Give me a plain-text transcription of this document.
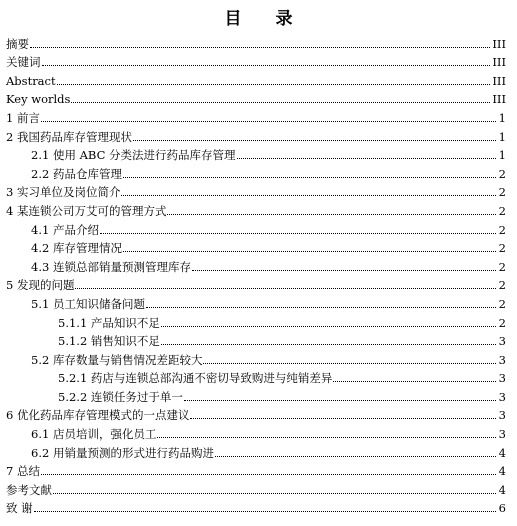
目 录
摘要	III
关键词	III
Abstract	III
Key worlds	III
1 前言	1
2 我国药品库存管理现状	1
2.1 使用 ABC 分类法进行药品库存管理	1
2.2 药品仓库管理	2
3 实习单位及岗位简介	2
4 某连锁公司万艾可的管理方式	2
4.1 产品介绍	2
4.2 库存管理情况	2
4.3 连锁总部销量预测管理库存	2
5 发现的问题	2
5.1 员工知识储备问题	2
5.1.1 产品知识不足	2
5.1.2 销售知识不足	3
5.2 库存数量与销售情况差距较大	3
5.2.1 药店与连锁总部沟通不密切导致购进与纯销差异	3
5.2.2 连锁任务过于单一	3
6 优化药品库存管理模式的一点建议	3
6.1 店员培训，强化员工	3
6.2 用销量预测的形式进行药品购进	4
7 总结	4
参考文献	4
致 谢	6
